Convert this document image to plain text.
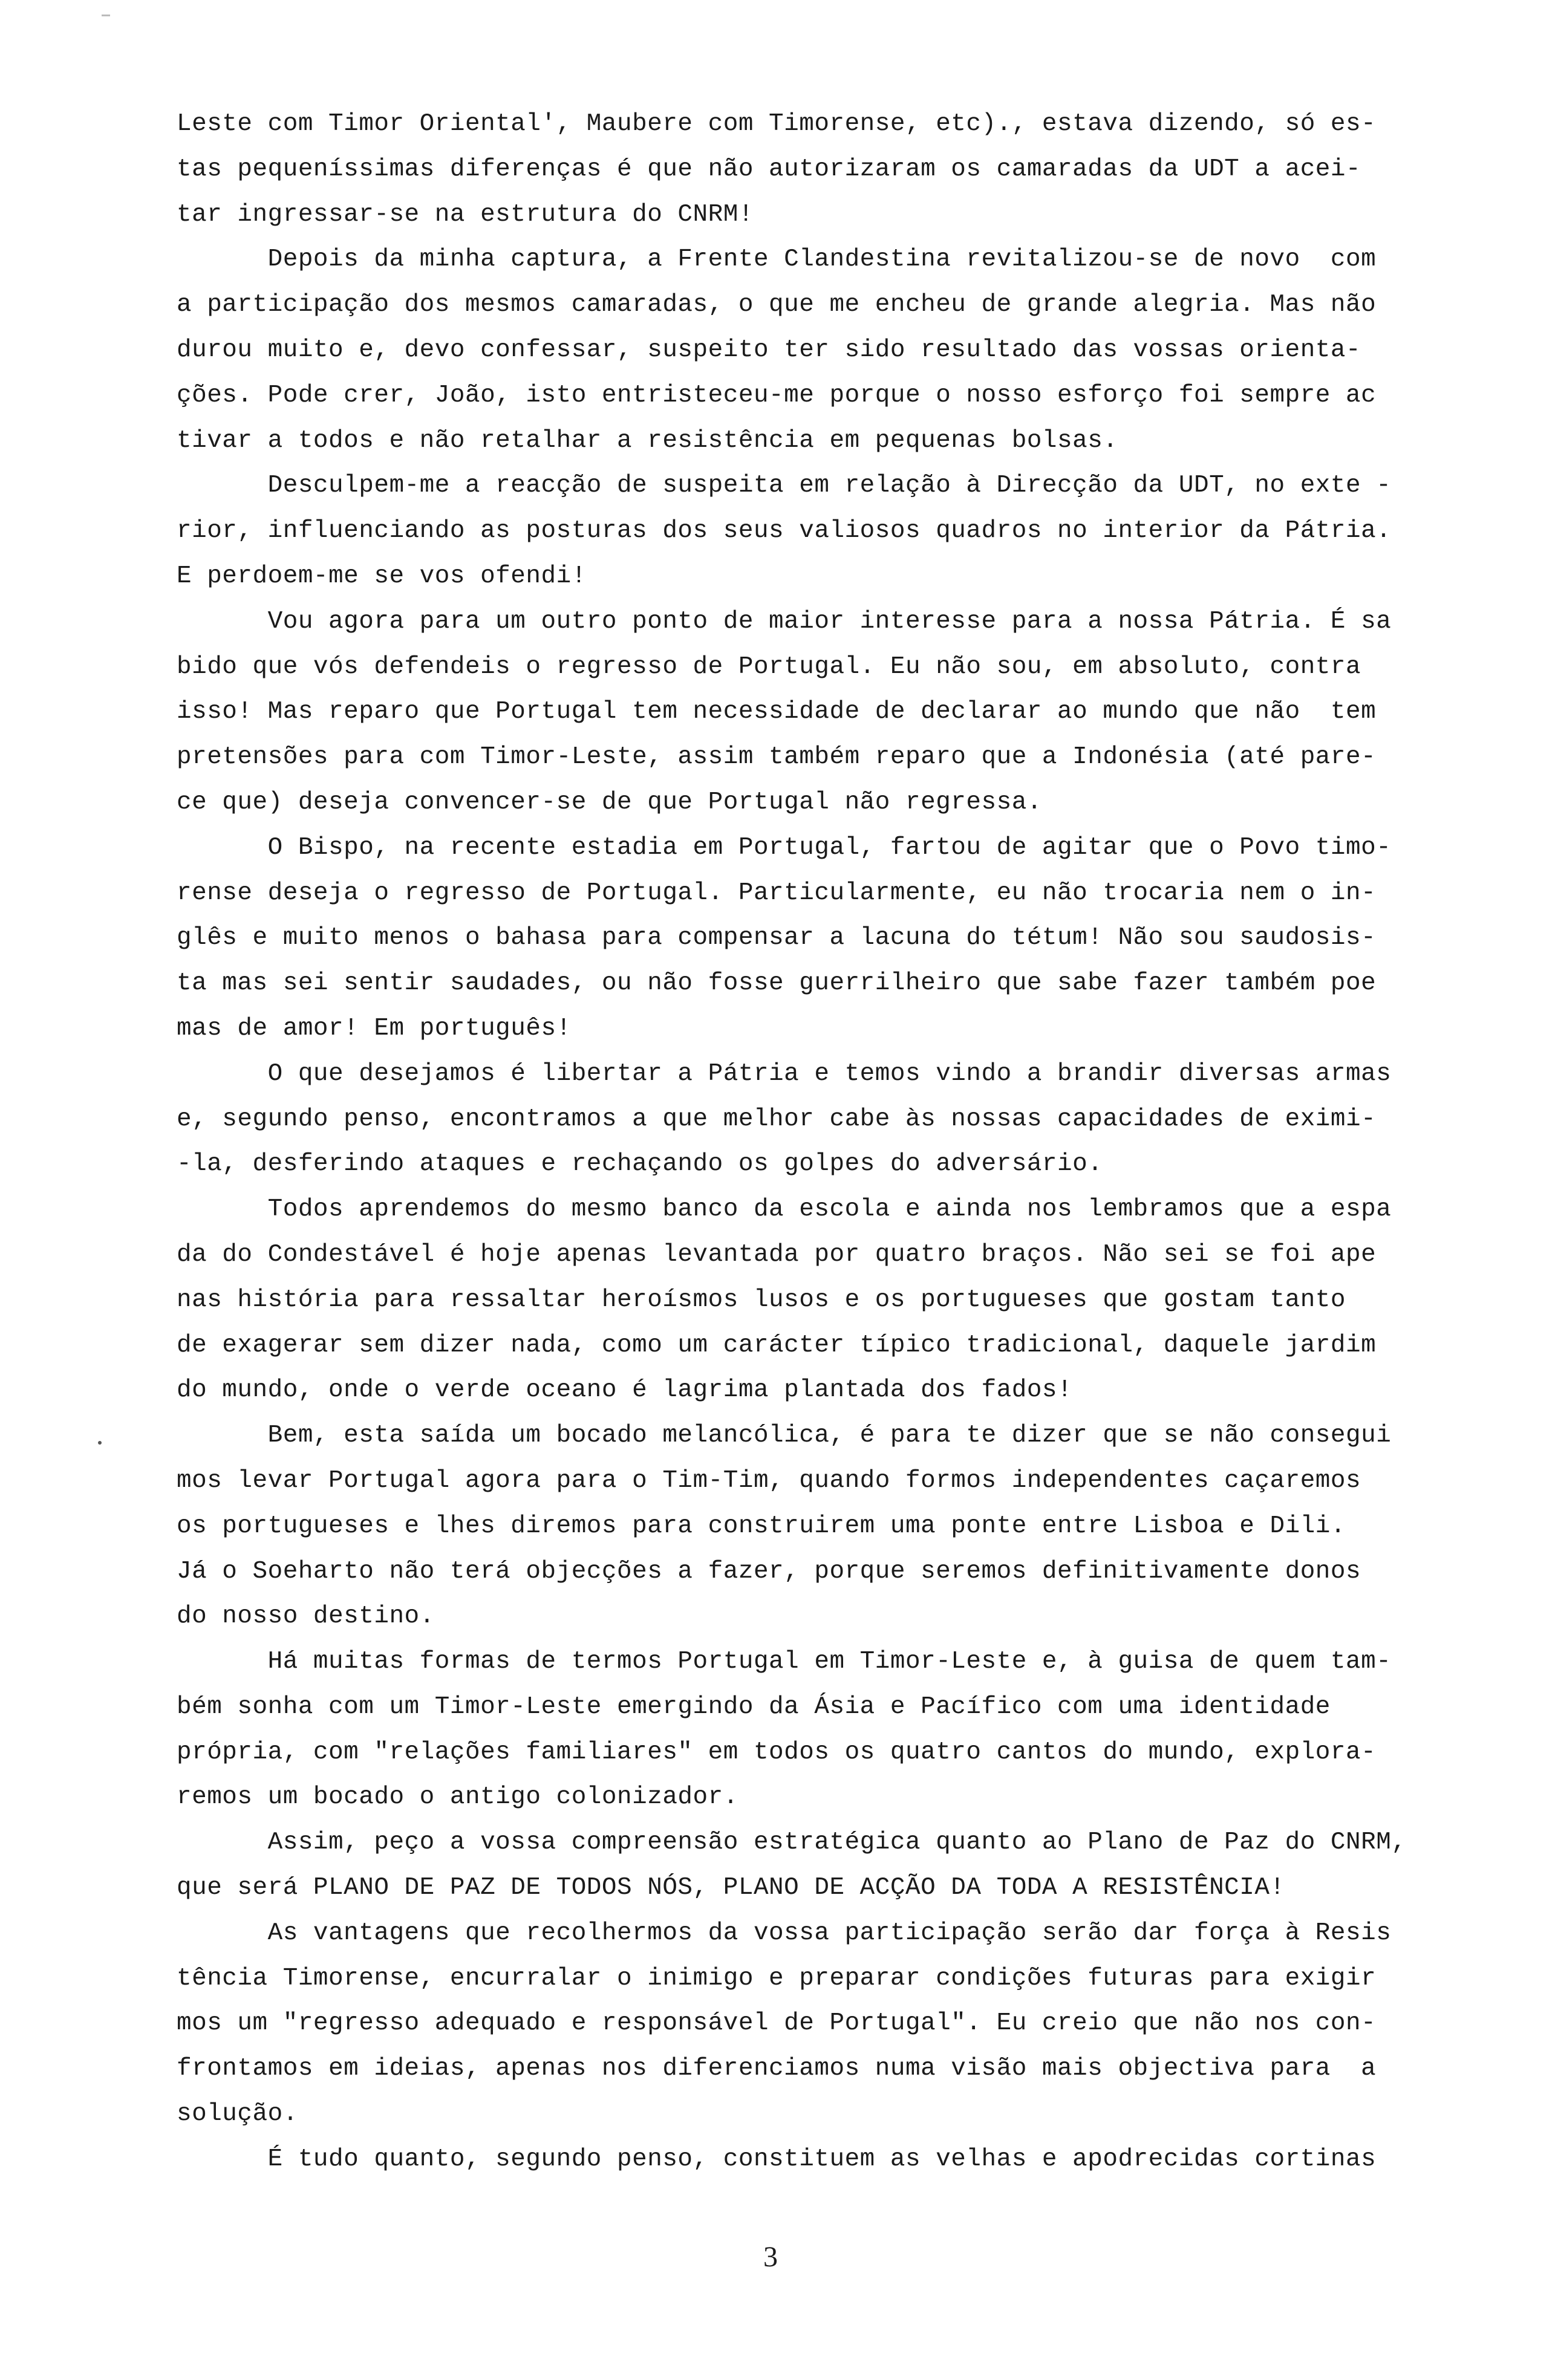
Leste com Timor Oriental', Maubere com Timorense, etc)., estava dizendo, só es-
tas pequeníssimas diferenças é que não autorizaram os camaradas da UDT a acei-
tar ingressar-se na estrutura do CNRM!
Depois da minha captura, a Frente Clandestina revitalizou-se de novo  com
a participação dos mesmos camaradas, o que me encheu de grande alegria. Mas não
durou muito e, devo confessar, suspeito ter sido resultado das vossas orienta-
ções. Pode crer, João, isto entristeceu-me porque o nosso esforço foi sempre ac
tivar a todos e não retalhar a resistência em pequenas bolsas.
Desculpem-me a reacção de suspeita em relação à Direcção da UDT, no exte -
rior, influenciando as posturas dos seus valiosos quadros no interior da Pátria.
E perdoem-me se vos ofendi!
Vou agora para um outro ponto de maior interesse para a nossa Pátria. É sa
bido que vós defendeis o regresso de Portugal. Eu não sou, em absoluto, contra
isso! Mas reparo que Portugal tem necessidade de declarar ao mundo que não  tem
pretensões para com Timor-Leste, assim também reparo que a Indonésia (até pare-
ce que) deseja convencer-se de que Portugal não regressa.
O Bispo, na recente estadia em Portugal, fartou de agitar que o Povo timo-
rense deseja o regresso de Portugal. Particularmente, eu não trocaria nem o in-
glês e muito menos o bahasa para compensar a lacuna do tétum! Não sou saudosis-
ta mas sei sentir saudades, ou não fosse guerrilheiro que sabe fazer também poe
mas de amor! Em português!
O que desejamos é libertar a Pátria e temos vindo a brandir diversas armas
e, segundo penso, encontramos a que melhor cabe às nossas capacidades de eximi-
-la, desferindo ataques e rechaçando os golpes do adversário.
Todos aprendemos do mesmo banco da escola e ainda nos lembramos que a espa
da do Condestável é hoje apenas levantada por quatro braços. Não sei se foi ape
nas história para ressaltar heroísmos lusos e os portugueses que gostam tanto
de exagerar sem dizer nada, como um carácter típico tradicional, daquele jardim
do mundo, onde o verde oceano é lagrima plantada dos fados!
Bem, esta saída um bocado melancólica, é para te dizer que se não consegui
mos levar Portugal agora para o Tim-Tim, quando formos independentes caçaremos
os portugueses e lhes diremos para construirem uma ponte entre Lisboa e Dili.
Já o Soeharto não terá objecções a fazer, porque seremos definitivamente donos
do nosso destino.
Há muitas formas de termos Portugal em Timor-Leste e, à guisa de quem tam-
bém sonha com um Timor-Leste emergindo da Ásia e Pacífico com uma identidade
própria, com "relações familiares" em todos os quatro cantos do mundo, explora-
remos um bocado o antigo colonizador.
Assim, peço a vossa compreensão estratégica quanto ao Plano de Paz do CNRM,
que será PLANO DE PAZ DE TODOS NÓS, PLANO DE ACÇÃO DA TODA A RESISTÊNCIA!
As vantagens que recolhermos da vossa participação serão dar força à Resis
tência Timorense, encurralar o inimigo e preparar condições futuras para exigir
mos um "regresso adequado e responsável de Portugal". Eu creio que não nos con-
frontamos em ideias, apenas nos diferenciamos numa visão mais objectiva para  a
solução.
É tudo quanto, segundo penso, constituem as velhas e apodrecidas cortinas
3
